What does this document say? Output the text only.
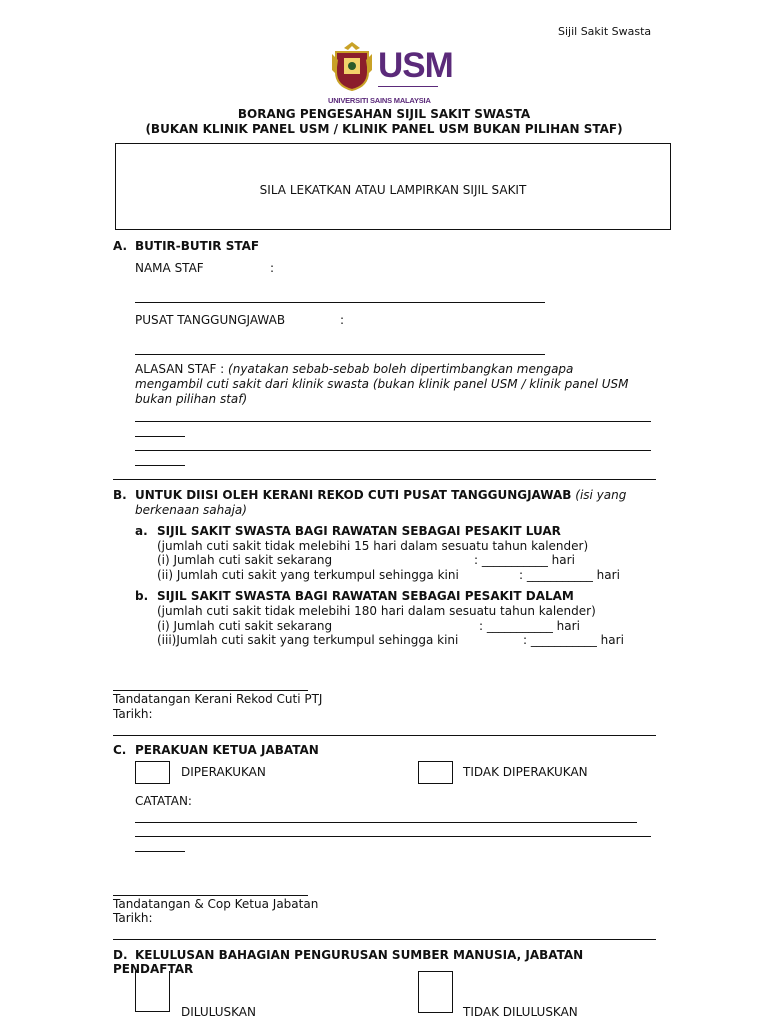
Sijil Sakit Swasta
USM
UNIVERSITI SAINS MALAYSIA
BORANG PENGESAHAN SIJIL SAKIT SWASTA
(BUKAN KLINIK PANEL USM / KLINIK PANEL USM BUKAN PILIHAN STAF)
SILA LEKATKAN ATAU LAMPIRKAN SIJIL SAKIT
A. BUTIR-BUTIR STAF
NAMA STAF	:
PUSAT TANGGUNGJAWAB	:
ALASAN STAF : (nyatakan sebab-sebab boleh dipertimbangkan mengapa
mengambil cuti sakit dari klinik swasta (bukan klinik panel USM / klinik panel USM
bukan pilihan staf)
B. UNTUK DIISI OLEH KERANI REKOD CUTI PUSAT TANGGUNGJAWAB (isi yang
berkenaan sahaja)
a. SIJIL SAKIT SWASTA BAGI RAWATAN SEBAGAI PESAKIT LUAR
(jumlah cuti sakit tidak melebihi 15 hari dalam sesuatu tahun kalender)
(i) Jumlah cuti sakit sekarang	: ___________ hari
(ii) Jumlah cuti sakit yang terkumpul sehingga kini	: ___________ hari
b. SIJIL SAKIT SWASTA BAGI RAWATAN SEBAGAI PESAKIT DALAM
(jumlah cuti sakit tidak melebihi 180 hari dalam sesuatu tahun kalender)
(i) Jumlah cuti sakit sekarang	: ___________ hari
(iii)Jumlah cuti sakit yang terkumpul sehingga kini	: ___________ hari
Tandatangan Kerani Rekod Cuti PTJ
Tarikh:
C. PERAKUAN KETUA JABATAN
DIPERAKUKAN	TIDAK DIPERAKUKAN
CATATAN:
Tandatangan & Cop Ketua Jabatan
Tarikh:
D. KELULUSAN BAHAGIAN PENGURUSAN SUMBER MANUSIA, JABATAN
PENDAFTAR
DILULUSKAN	TIDAK DILULUSKAN
